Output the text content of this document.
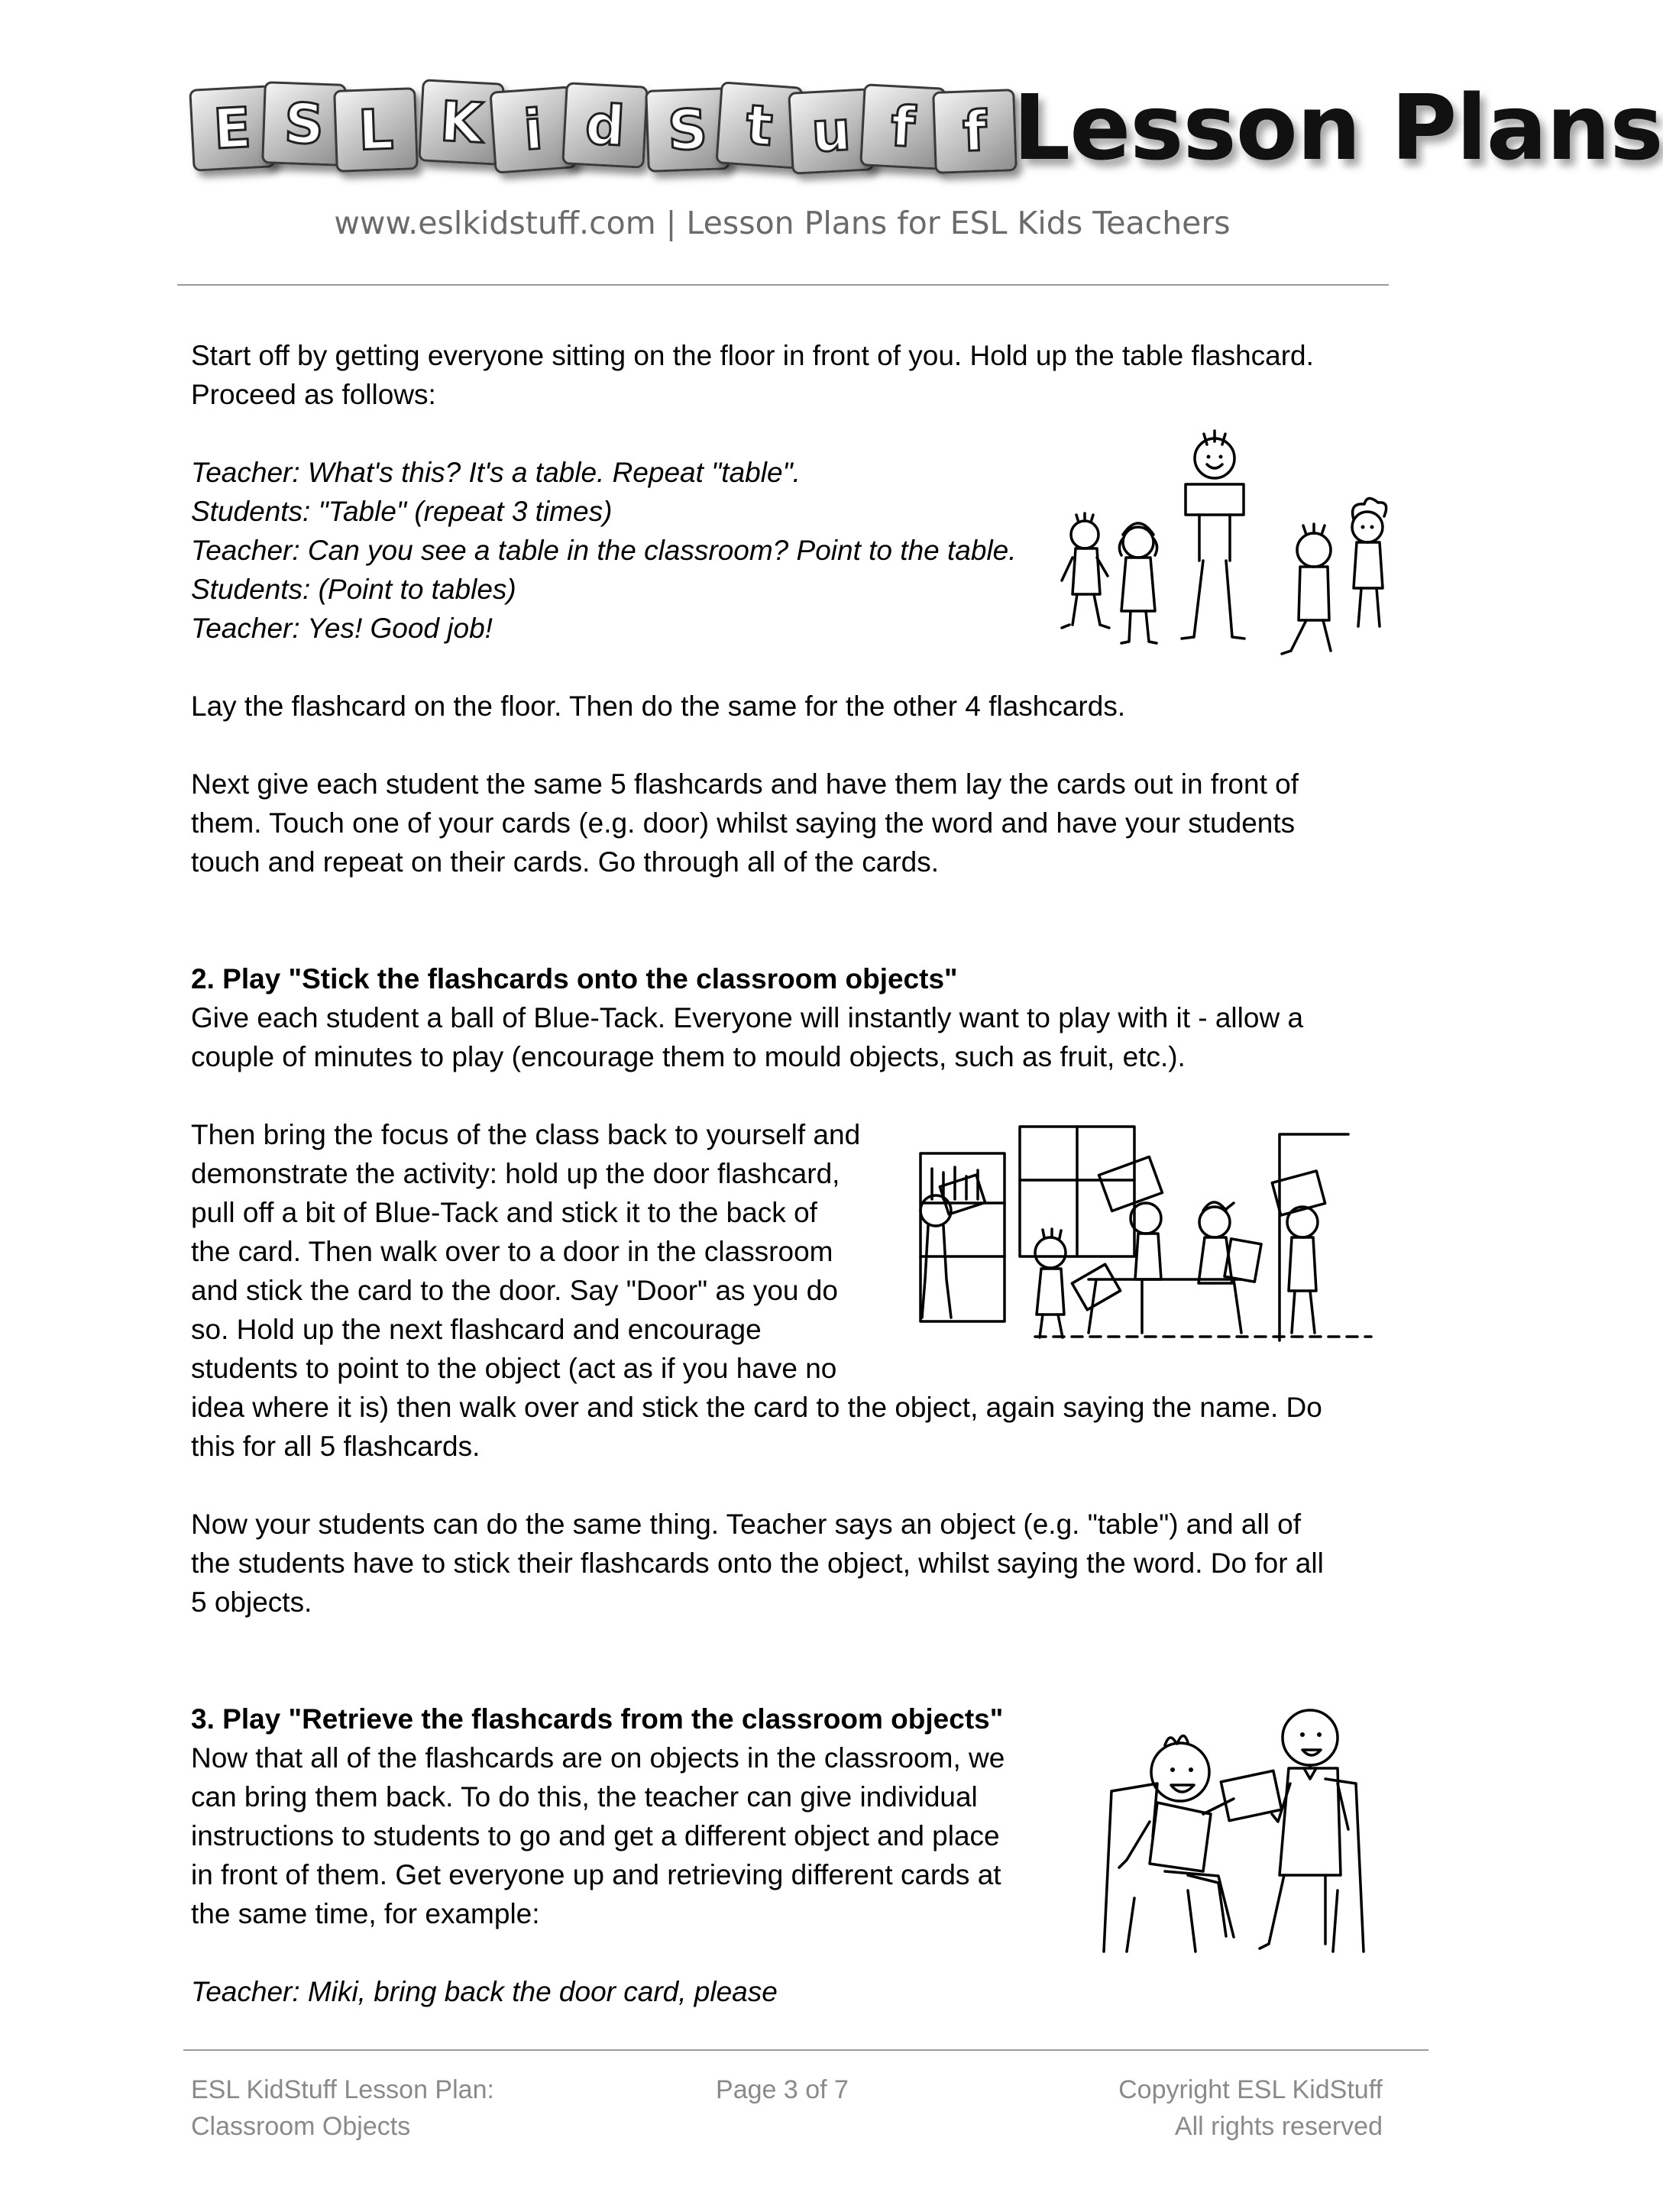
E S L K i d S t u f f Lesson Plans
www.eslkidstuff.com | Lesson Plans for ESL Kids Teachers
Start off by getting everyone sitting on the floor in front of you. Hold up the table flashcard.
Proceed as follows:
Teacher: What's this? It's a table. Repeat "table".
Students: "Table" (repeat 3 times)
Teacher: Can you see a table in the classroom? Point to the table.
Students: (Point to tables)
Teacher: Yes! Good job!
Lay the flashcard on the floor. Then do the same for the other 4 flashcards.
Next give each student the same 5 flashcards and have them lay the cards out in front of
them. Touch one of your cards (e.g. door) whilst saying the word and have your students
touch and repeat on their cards. Go through all of the cards.
2. Play "Stick the flashcards onto the classroom objects"
Give each student a ball of Blue-Tack. Everyone will instantly want to play with it - allow a
couple of minutes to play (encourage them to mould objects, such as fruit, etc.).
Then bring the focus of the class back to yourself and
demonstrate the activity: hold up the door flashcard,
pull off a bit of Blue-Tack and stick it to the back of
the card. Then walk over to a door in the classroom
and stick the card to the door. Say "Door" as you do
so. Hold up the next flashcard and encourage
students to point to the object (act as if you have no
idea where it is) then walk over and stick the card to the object, again saying the name. Do
this for all 5 flashcards.
Now your students can do the same thing. Teacher says an object (e.g. "table") and all of
the students have to stick their flashcards onto the object, whilst saying the word. Do for all
5 objects.
3. Play "Retrieve the flashcards from the classroom objects"
Now that all of the flashcards are on objects in the classroom, we
can bring them back. To do this, the teacher can give individual
instructions to students to go and get a different object and place
in front of them. Get everyone up and retrieving different cards at
the same time, for example:
Teacher: Miki, bring back the door card, please
ESL KidStuff Lesson Plan:
Classroom Objects
Page 3 of 7	Copyright ESL KidStuff
All rights reserved
